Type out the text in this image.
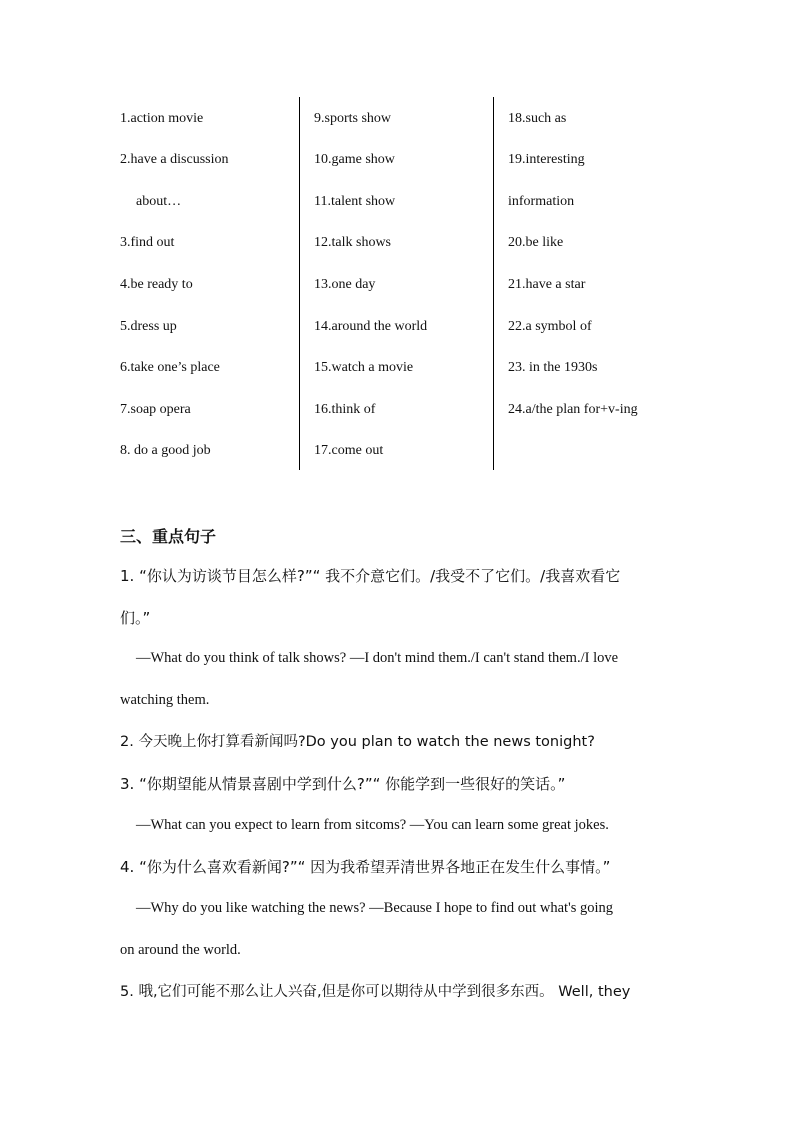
1.action movie
2.have a discussion
about…
3.find out
4.be ready to
5.dress up
6.take one’s place
7.soap opera
8. do a good job
9.sports show
10.game show
11.talent show
12.talk shows
13.one day
14.around the world
15.watch a movie
16.think of
17.come out
18.such as
19.interesting
information
20.be like
21.have a star
22.a symbol of
23. in the 1930s
24.a/the plan for+v-ing
三、重点句子
1. “你认为访谈节目怎么样?”“ 我不介意它们。/我受不了它们。/我喜欢看它
们。”
—What do you think of talk shows? —I don't mind them./I can't stand them./I love
watching them.
2. 今天晚上你打算看新闻吗?Do you plan to watch the news tonight?
3. “你期望能从情景喜剧中学到什么?”“ 你能学到一些很好的笑话。”
—What can you expect to learn from sitcoms? —You can learn some great jokes.
4. “你为什么喜欢看新闻?”“ 因为我希望弄清世界各地正在发生什么事情。”
—Why do you like watching the news? —Because I hope to find out what's going
on around the world.
5. 哦,它们可能不那么让人兴奋,但是你可以期待从中学到很多东西。 Well, they
